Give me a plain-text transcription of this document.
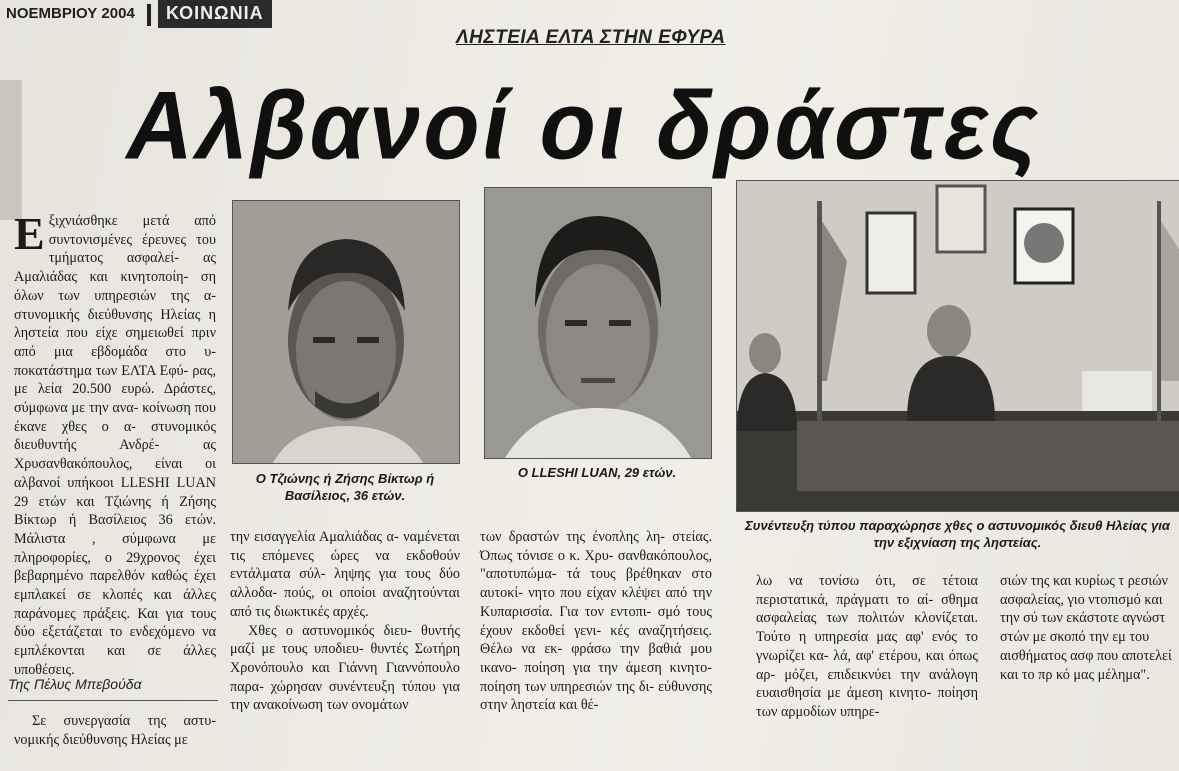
ΝΟΕΜΒΡΙΟΥ 2004	ΚΟΙΝΩΝΙΑ
ΛΗΣΤΕΙΑ ΕΛΤΑ ΣΤΗΝ ΕΦΥΡΑ
Αλβανοί οι δράστες
Ε ξιχνιάσθηκε μετά από συντονισμένες έρευνες του τμήματος ασφαλεί- ας Αμαλιάδας και κινητοποίη- ση όλων των υπηρεσιών της α- στυνομικής διεύθυνσης Ηλείας η ληστεία που είχε σημειωθεί πριν από μια εβδομάδα στο υ- ποκατάστημα των ΕΛΤΑ Εφύ- ρας, με λεία 20.500 ευρώ. Δράστες, σύμφωνα με την ανα- κοίνωση που έκανε χθες ο α- στυνομικός διευθυντής Ανδρέ- ας Χρυσανθακόπουλος, είναι οι αλβανοί υπήκοοι LLESHI LUAN 29 ετών και Τζιώνης ή Ζήσης Βίκτωρ ή Βασίλειος 36 ετών. Μάλιστα , σύμφωνα με πληροφορίες, ο 29χρονος έχει βεβαρημένο παρελθόν καθώς έχει εμπλακεί σε κλοπές και άλλες παράνομες πράξεις. Και για τους δύο εξετάζεται το ενδεχόμενο να εμπλέκονται και σε άλλες υποθέσεις.
Της Πέλυς Μπεβούδα
Σε συνεργασία της αστυ- νομικής διεύθυνσης Ηλείας με
Ο Τζιώνης ή Ζήσης Βίκτωρ ή Βασίλειος, 36 ετών.
Ο LLESHI LUAN, 29 ετών.
Συνέντευξη τύπου παραχώρησε χθες ο αστυνομικός διευθ Ηλείας για την εξιχνίαση της ληστείας.

την εισαγγελία Αμαλιάδας α- ναμένεται τις επόμενες ώρες να εκδοθούν εντάλματα σύλ- ληψης για τους δύο αλλοδα- πούς, οι οποίοι αναζητούνται από τις διωκτικές αρχές.

Χθες ο αστυνομικός διευ- θυντής μαζί με τους υποδιευ- θυντές Σωτήρη Χρονόπουλο και Γιάννη Γιαννόπουλο παρα- χώρησαν συνέντευξη τύπου για την ανακοίνωση των ονομάτων

των δραστών της ένοπλης λη- στείας. Όπως τόνισε ο κ. Χρυ- σανθακόπουλος, "αποτυπώμα- τά τους βρέθηκαν στο αυτοκί- νητο που είχαν κλέψει από την Κυπαρισσία. Για τον εντοπι- σμό τους έχουν εκδοθεί γενι- κές αναζητήσεις. Θέλω να εκ- φράσω την βαθιά μου ικανο- ποίηση για την άμεση κινητο- ποίηση των υπηρεσιών της δι- εύθυνσης στην ληστεία και θέ-
λω να τονίσω ότι, σε τέτοια περιστατικά, πράγματι το αί- σθημα ασφαλείας των πολιτών κλονίζεται. Τούτο η υπηρεσία μας αφ' ενός το γνωρίζει κα- λά, αφ' ετέρου, και όπως αρ- μόζει, επιδεικνύει την ανάλογη ευαισθησία με άμεση κινητο- ποίηση των αρμοδίων υπηρε-
σιών της και κυρίως τ ρεσιών ασφαλείας, γιο ντοπισμό και την σύ των εκάστοτε αγνώστ στών με σκοπό την εμ του αισθήματος ασφ που αποτελεί και το πρ κό μας μέλημα".
